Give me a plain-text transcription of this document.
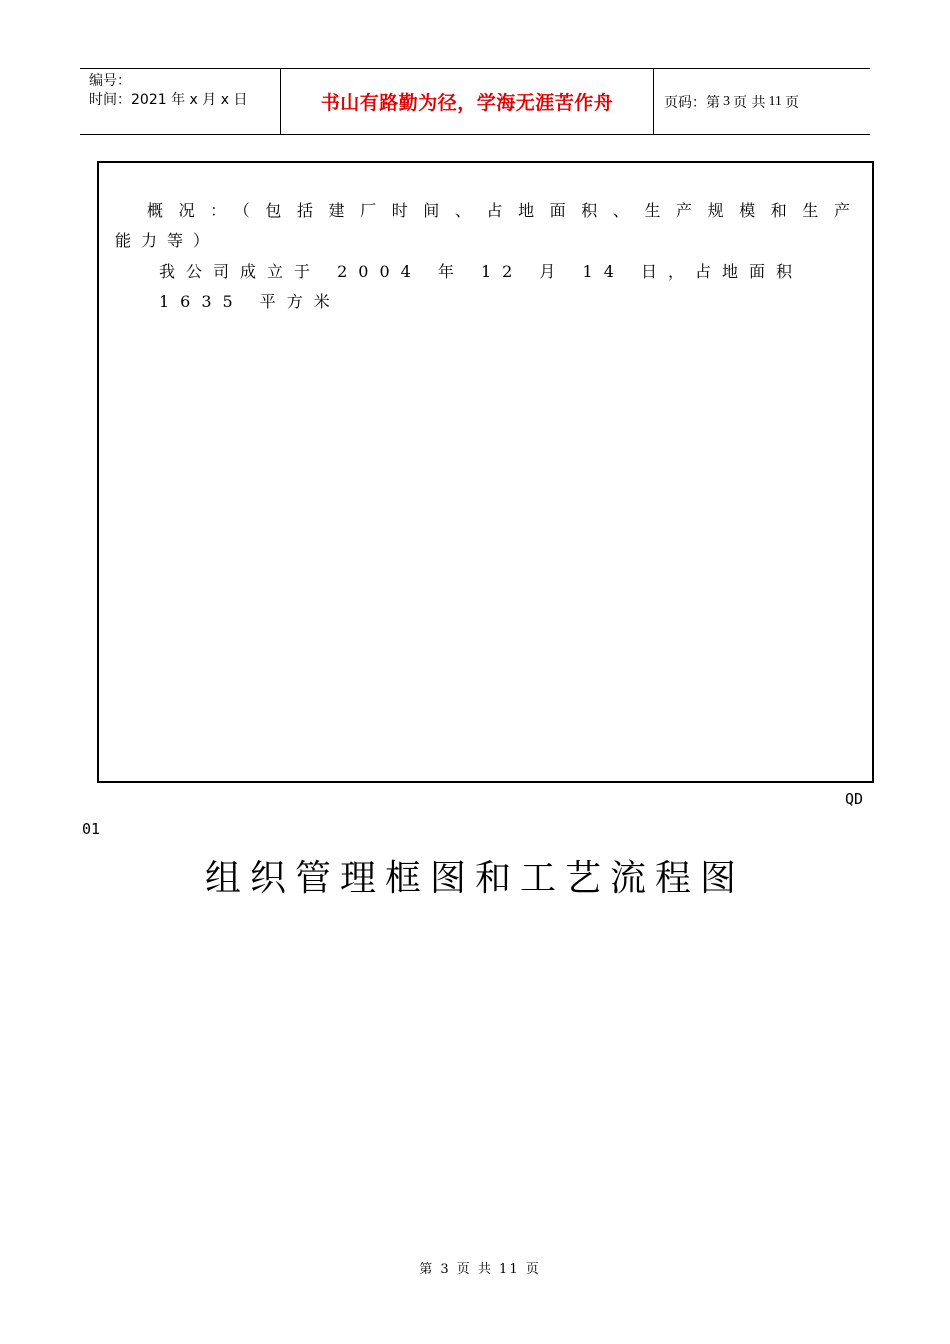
编号：
时间：2021 年 x 月 x 日	书山有路勤为径，学海无涯苦作舟	页码：第 3 页 共 11 页
概况：（包括建厂时间、占地面积、生产规模和生产
能力等）
我公司成立于 2004 年 12 月 14 日，占地面积 1635 平方米
QD
01
组织管理框图和工艺流程图
第 3 页 共 11 页
